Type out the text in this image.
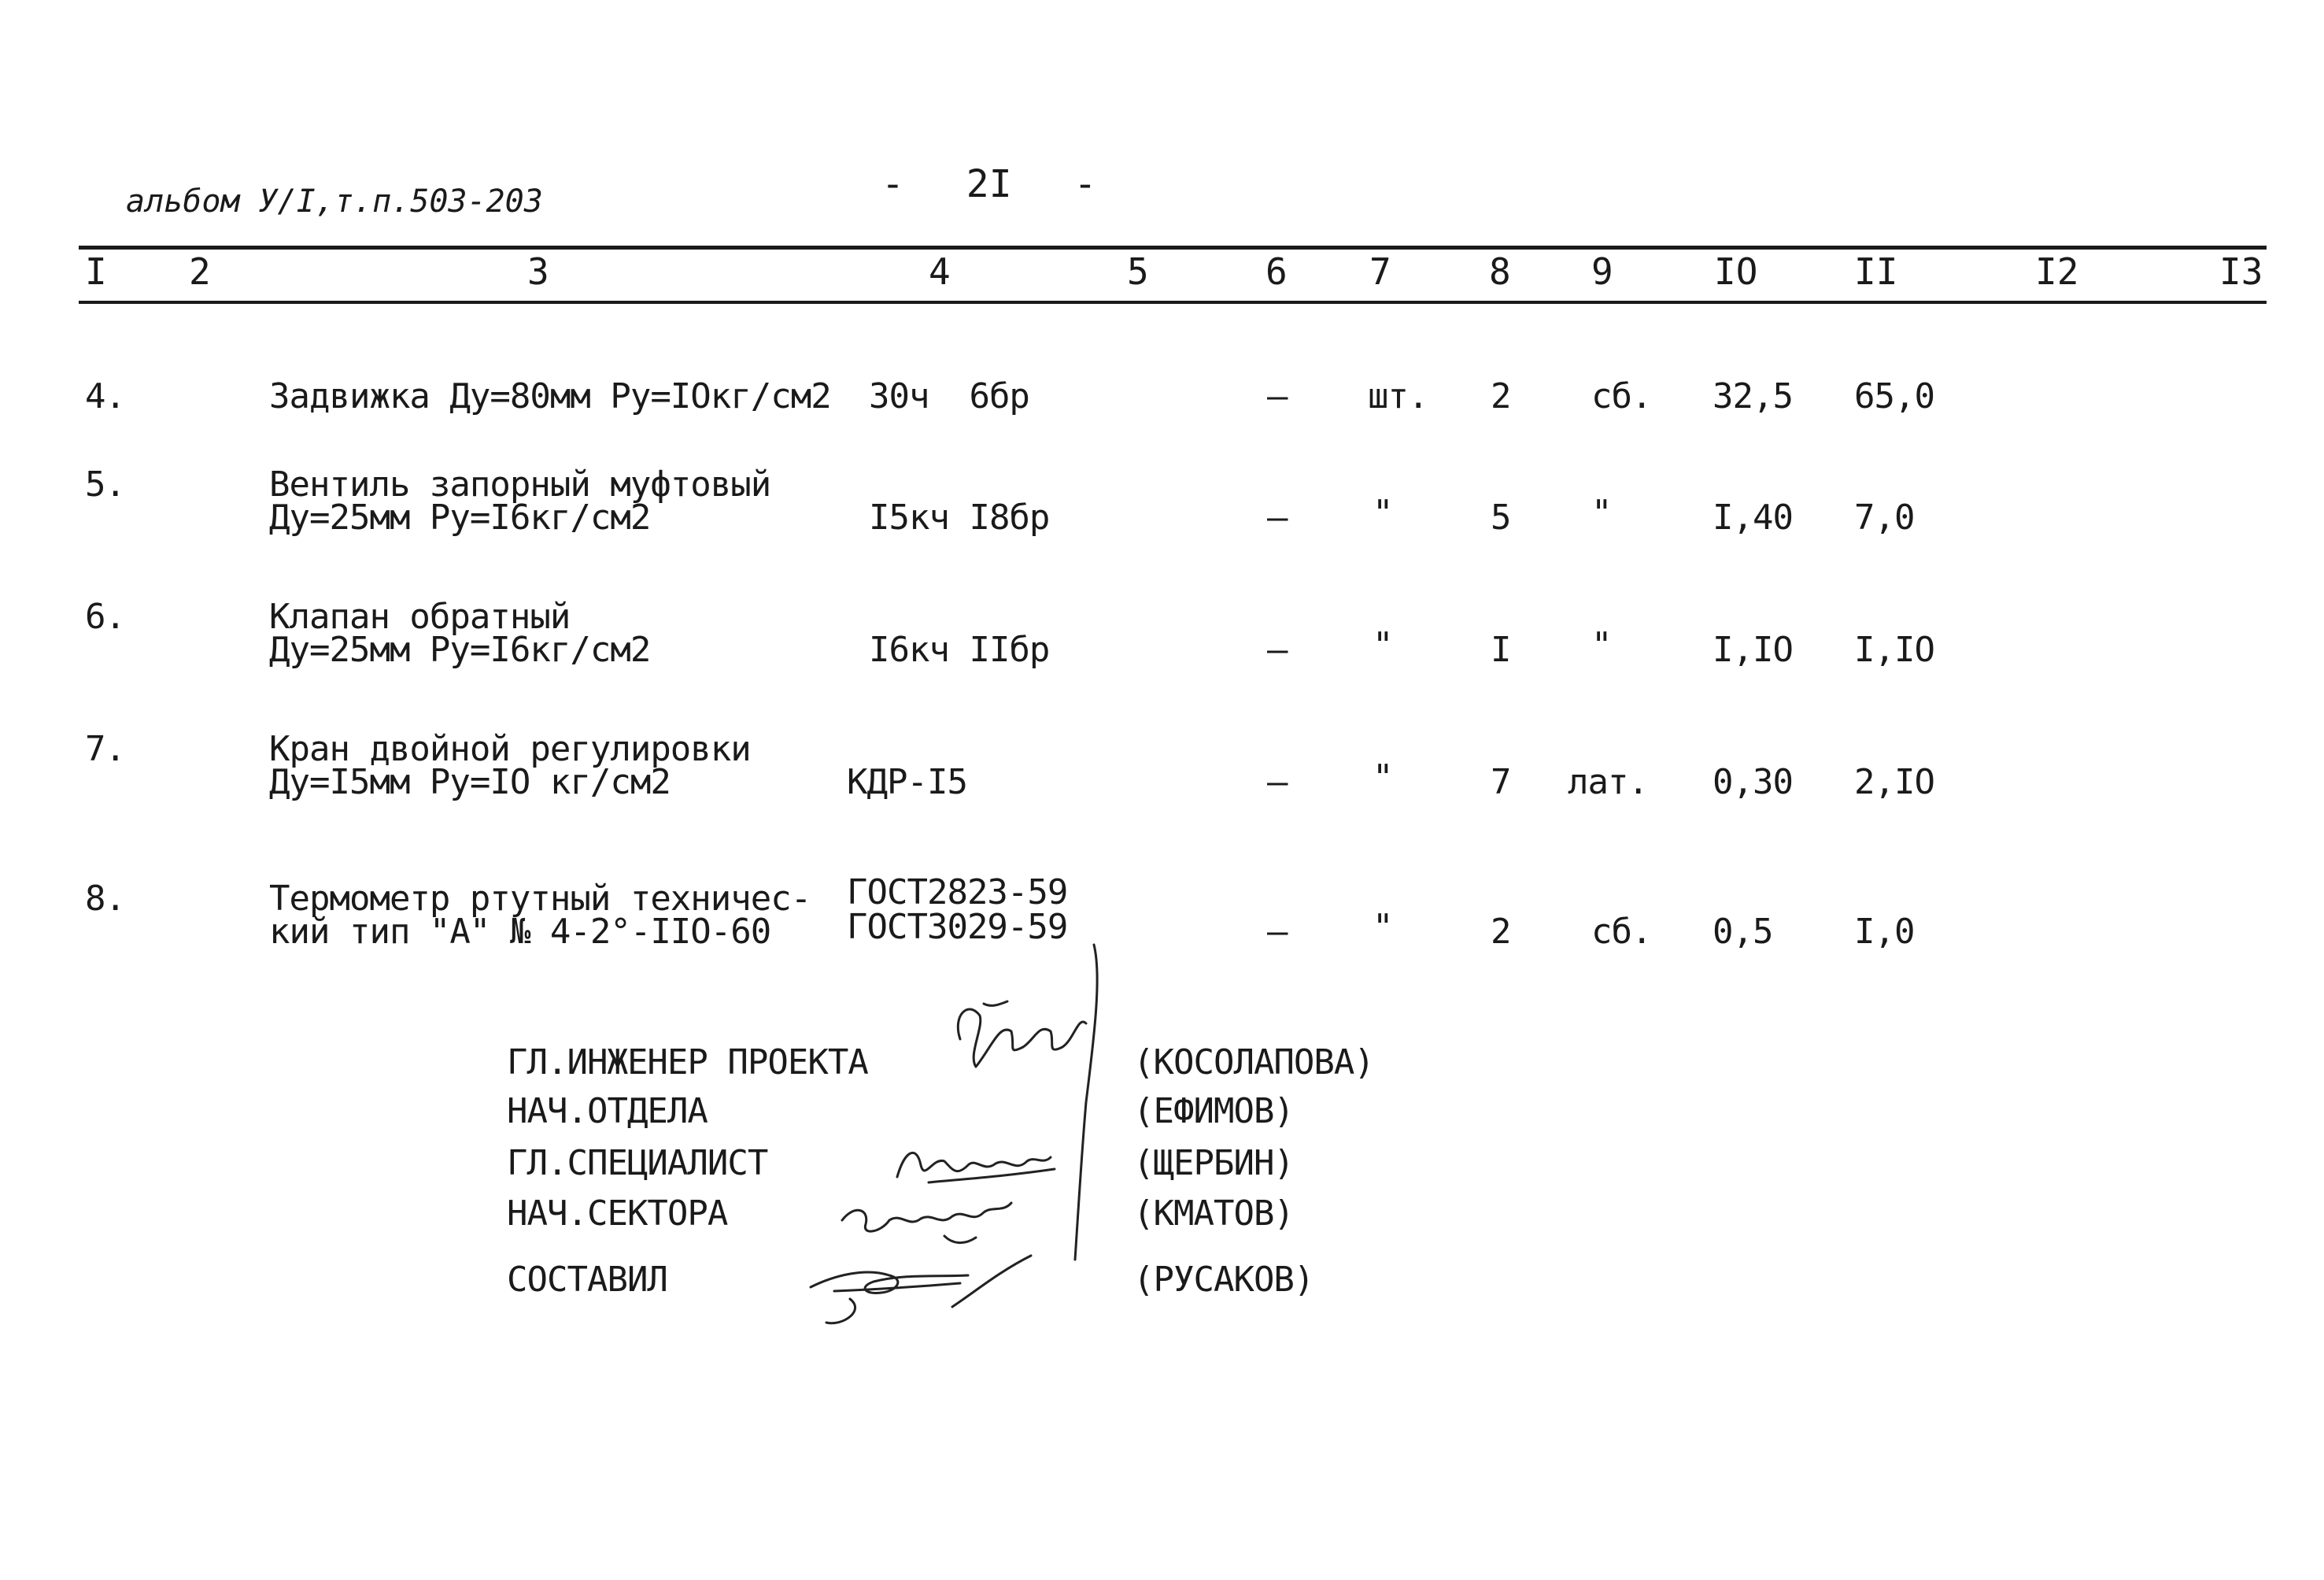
альбом У/I,т.п.503-203	- 2I -
I 2	3	4	5	6 7	8 9	IO	II	I2	I3
4.	Задвижка Ду=80мм Ру=IОкг/см2 30ч  6бр	– шт. 2 сб. 32,5 65,0
5.	Вентиль запорный муфтовый
Ду=25мм Ру=I6кг/см2	I5кч I8бр	– "	5 "	I,40 7,0
6.	Клапан обратный
Ду=25мм Ру=I6кг/см2	I6кч IIбр	– "	I "	I,IO I,IO
7.	Кран двойной регулировки
Ду=I5мм Ру=IО кг/см2	КДР-I5	– "	7 лат. 0,30 2,IO
8.	Термометр ртутный техничес-
кий тип "А" № 4-2°-IIO-60
ГОСТ2823-59
ГОСТ3029-59	– "	2 сб. 0,5 I,0
ГЛ.ИНЖЕНЕР ПРОЕКТА	(КОСОЛАПОВА)
НАЧ.ОТДЕЛА	(ЕФИМОВ)
ГЛ.СПЕЦИАЛИСТ	(ЩЕРБИН)
НАЧ.СЕКТОРА	(КМАТОВ)
СОСТАВИЛ	(РУСАКОВ)
